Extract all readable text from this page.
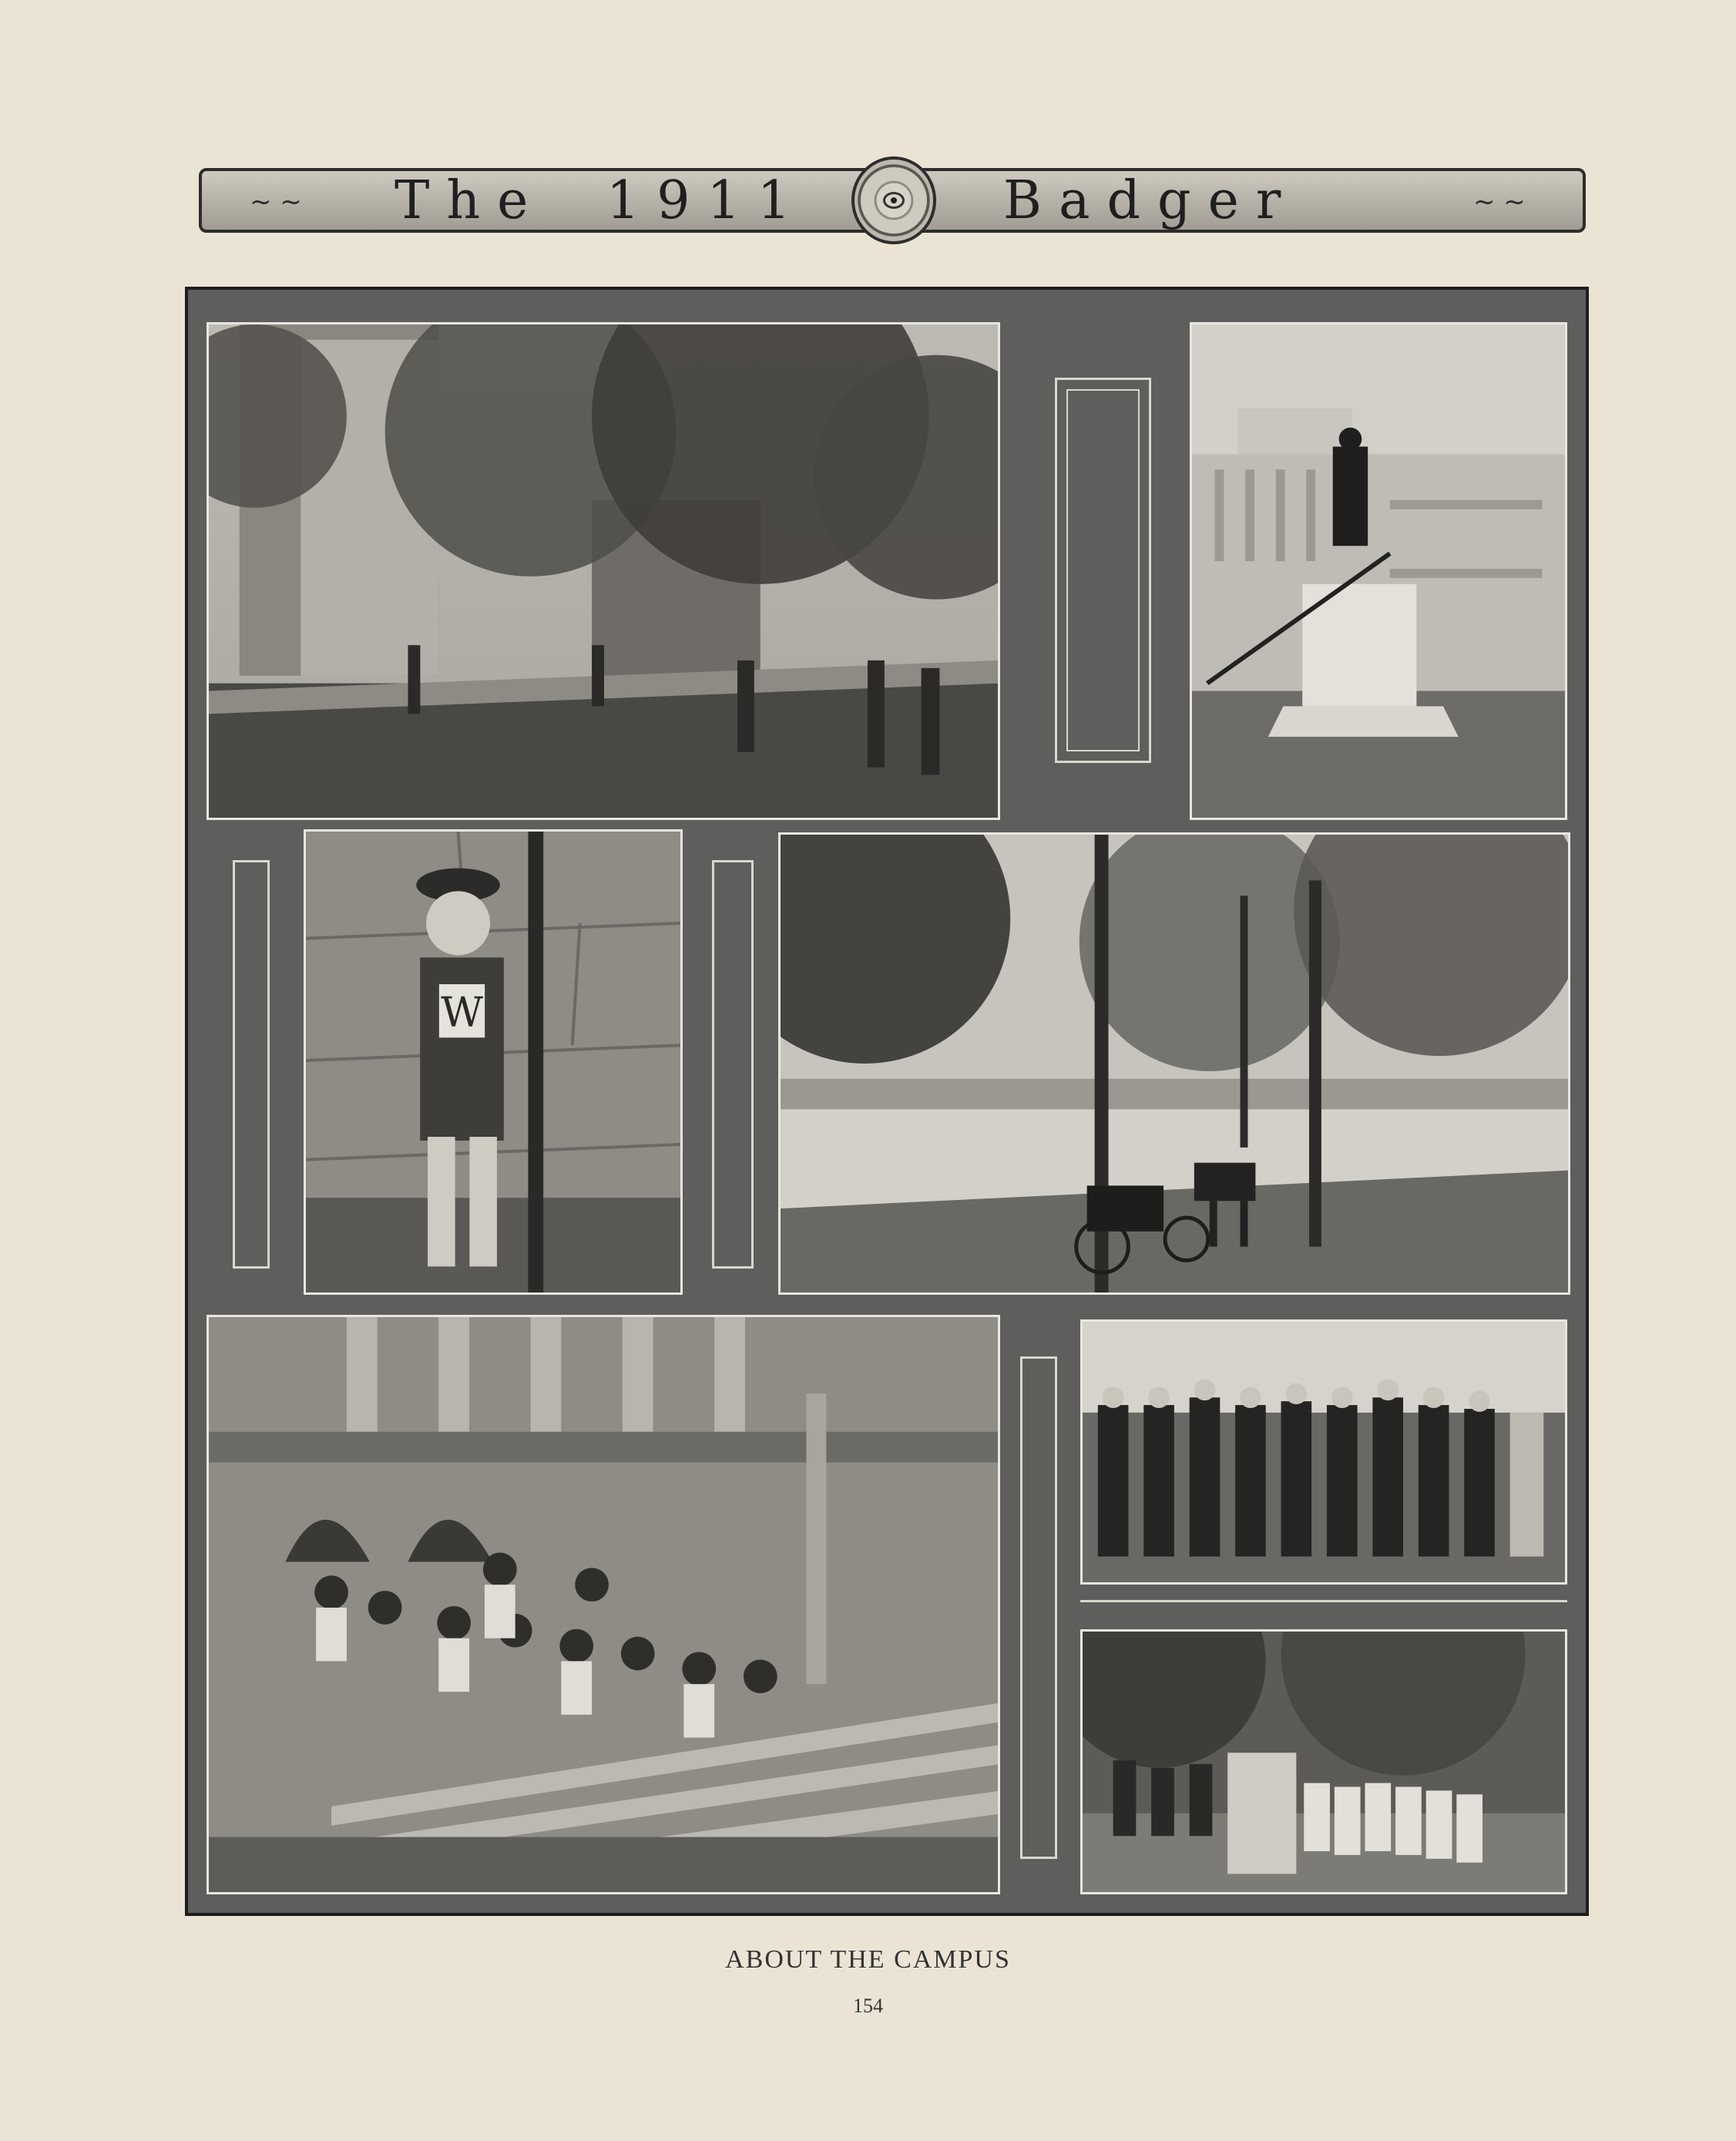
~ ~ The 1911	Badger	~ ~
W
ABOUT THE CAMPUS
154
